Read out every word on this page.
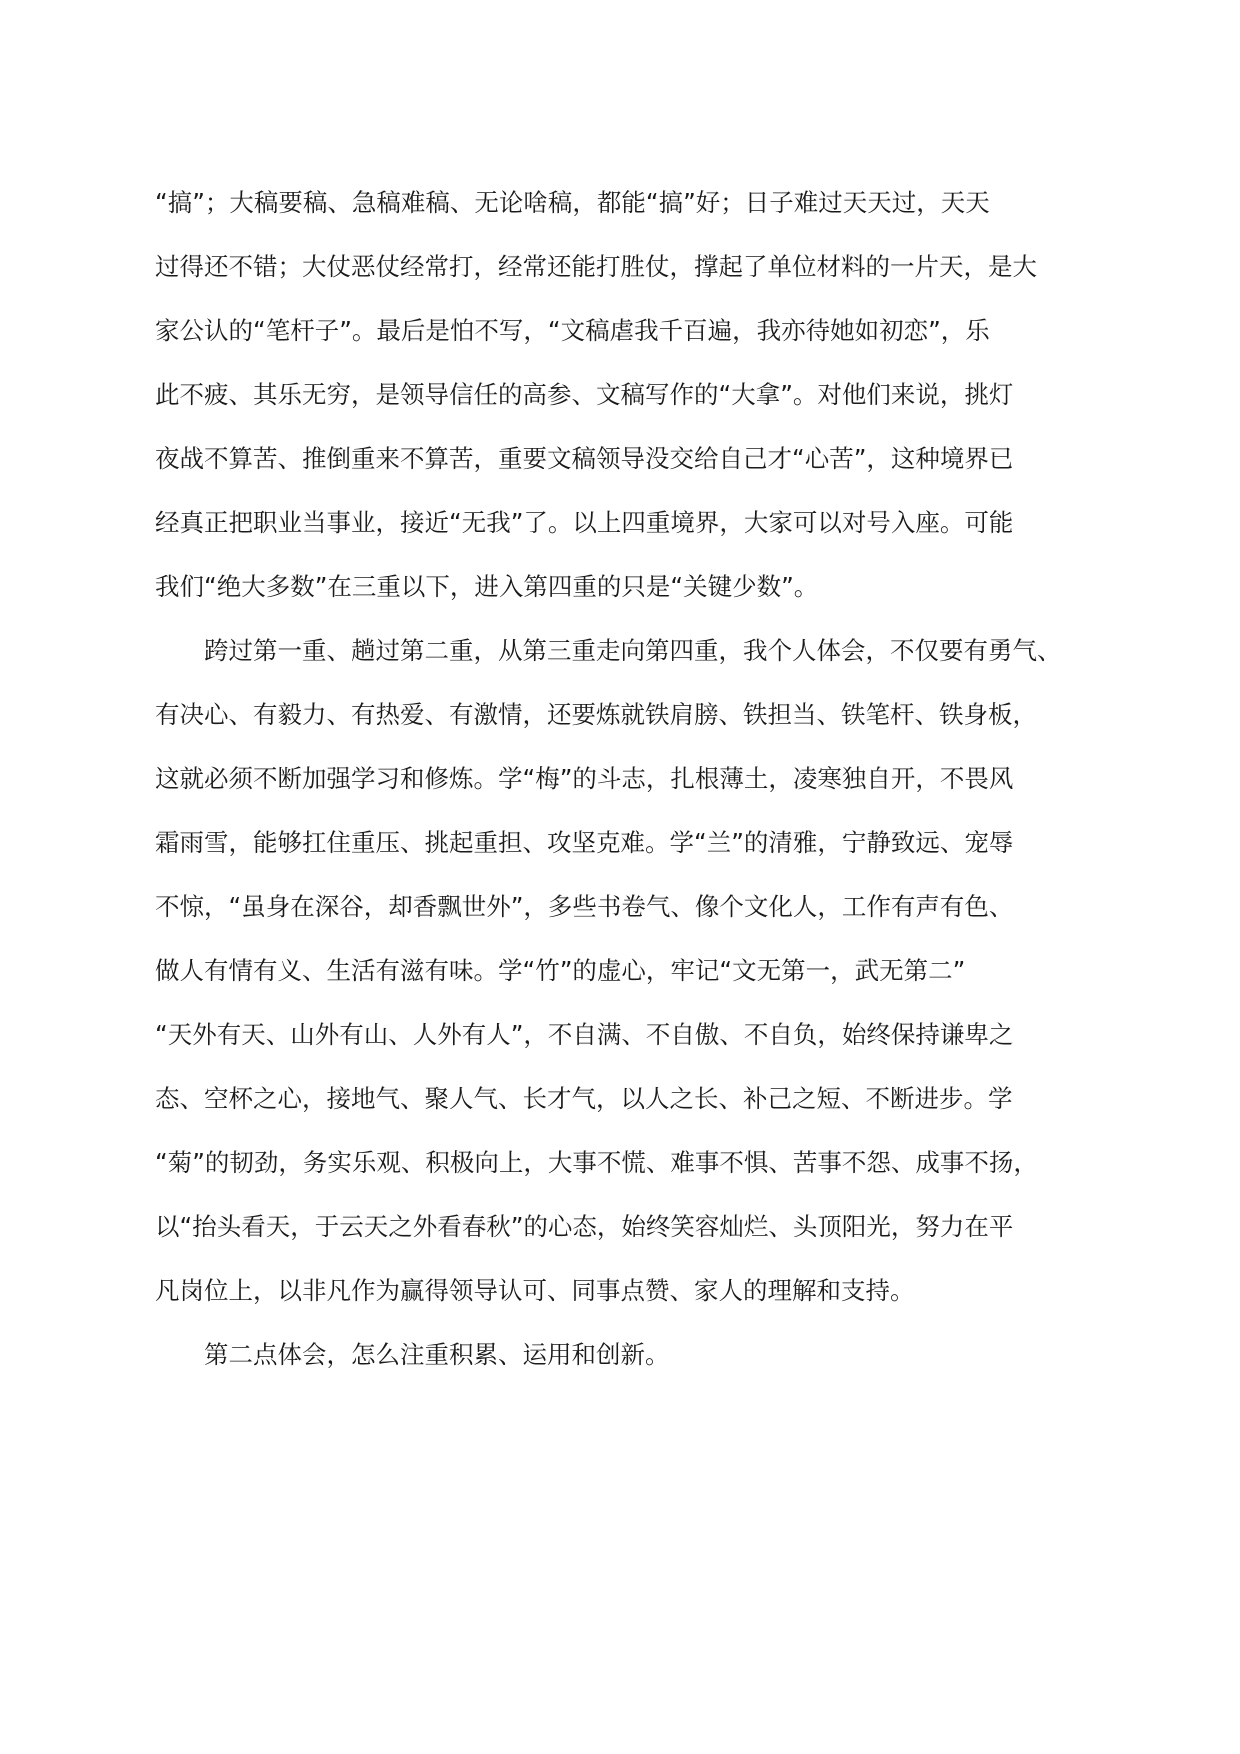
“搞”；大稿要稿、急稿难稿、无论啥稿，都能“搞”好；日子难过天天过，天天
过得还不错；大仗恶仗经常打，经常还能打胜仗，撑起了单位材料的一片天，是大
家公认的“笔杆子”。最后是怕不写，“文稿虐我千百遍，我亦待她如初恋”，乐
此不疲、其乐无穷，是领导信任的高参、文稿写作的“大拿”。对他们来说，挑灯
夜战不算苦、推倒重来不算苦，重要文稿领导没交给自己才“心苦”，这种境界已
经真正把职业当事业，接近“无我”了。以上四重境界，大家可以对号入座。可能
我们“绝大多数”在三重以下，进入第四重的只是“关键少数”。
跨过第一重、趟过第二重，从第三重走向第四重，我个人体会，不仅要有勇气、
有决心、有毅力、有热爱、有激情，还要炼就铁肩膀、铁担当、铁笔杆、铁身板，
这就必须不断加强学习和修炼。学“梅”的斗志，扎根薄土，凌寒独自开，不畏风
霜雨雪，能够扛住重压、挑起重担、攻坚克难。学“兰”的清雅，宁静致远、宠辱
不惊，“虽身在深谷，却香飘世外”，多些书卷气、像个文化人，工作有声有色、
做人有情有义、生活有滋有味。学“竹”的虚心，牢记“文无第一，武无第二”
“天外有天、山外有山、人外有人”，不自满、不自傲、不自负，始终保持谦卑之
态、空杯之心，接地气、聚人气、长才气，以人之长、补己之短、不断进步。学
“菊”的韧劲，务实乐观、积极向上，大事不慌、难事不惧、苦事不怨、成事不扬，
以“抬头看天，于云天之外看春秋”的心态，始终笑容灿烂、头顶阳光，努力在平
凡岗位上，以非凡作为赢得领导认可、同事点赞、家人的理解和支持。
第二点体会，怎么注重积累、运用和创新。
